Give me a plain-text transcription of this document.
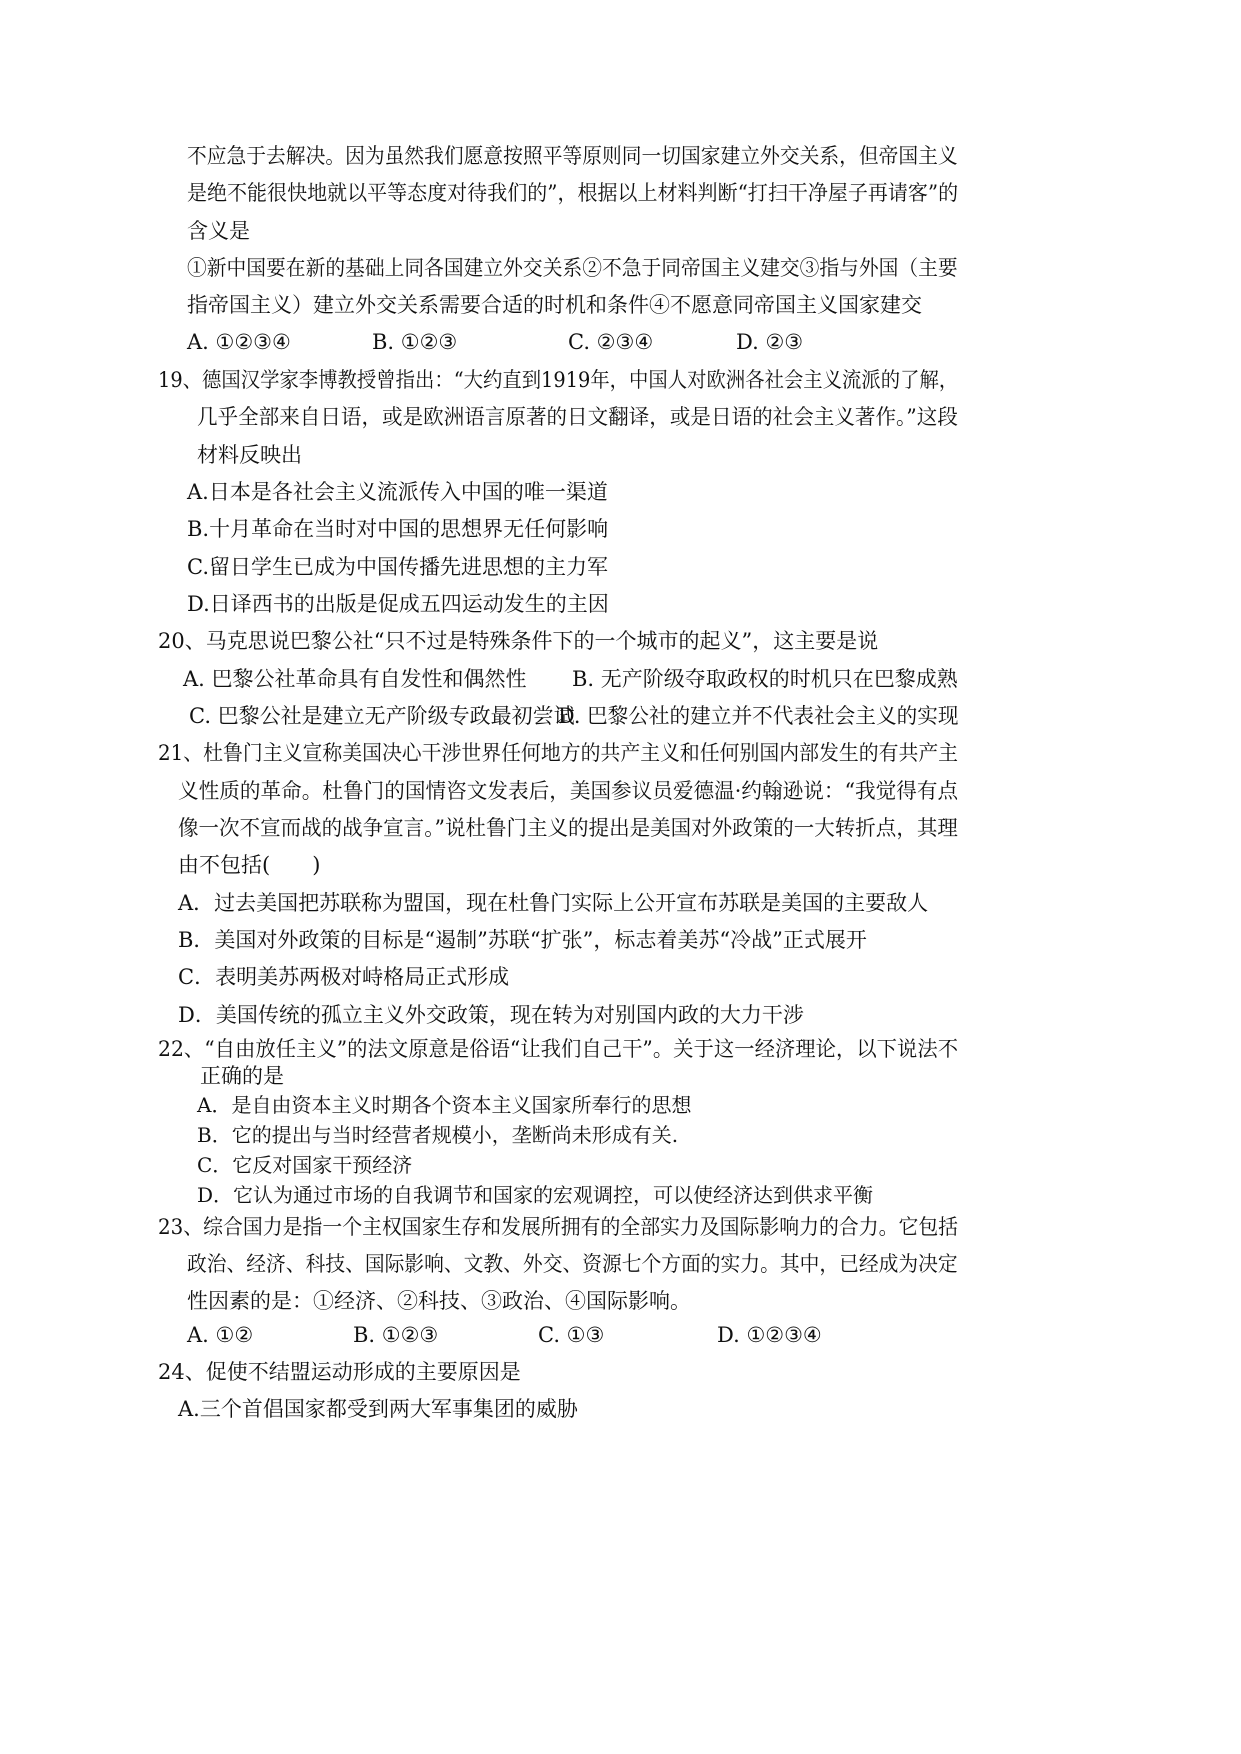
不应急于去解决。因为虽然我们愿意按照平等原则同一切国家建立外交关系，但帝国主义
是绝不能很快地就以平等态度对待我们的”，根据以上材料判断“打扫干净屋子再请客”的
含义是
①新中国要在新的基础上同各国建立外交关系②不急于同帝国主义建交③指与外国（主要
指帝国主义）建立外交关系需要合适的时机和条件④不愿意同帝国主义国家建交
A. ①②③④	B. ①②③	C. ②③④	D. ②③
19、德国汉学家李博教授曾指出：“大约直到1919年，中国人对欧洲各社会主义流派的了解，
几乎全部来自日语，或是欧洲语言原著的日文翻译，或是日语的社会主义著作。”这段
材料反映出
A.日本是各社会主义流派传入中国的唯一渠道
B.十月革命在当时对中国的思想界无任何影响
C.留日学生已成为中国传播先进思想的主力军
D.日译西书的出版是促成五四运动发生的主因
20、马克思说巴黎公社“只不过是特殊条件下的一个城市的起义”，这主要是说
A. 巴黎公社革命具有自发性和偶然性 B. 无产阶级夺取政权的时机只在巴黎成熟
C. 巴黎公社是建立无产阶级专政最初尝试
D. 巴黎公社的建立并不代表社会主义的实现
21、杜鲁门主义宣称美国决心干涉世界任何地方的共产主义和任何别国内部发生的有共产主
义性质的革命。杜鲁门的国情咨文发表后，美国参议员爱德温·约翰逊说：“我觉得有点
像一次不宣而战的战争宣言。”说杜鲁门主义的提出是美国对外政策的一大转折点，其理
由不包括(　　)
A．过去美国把苏联称为盟国，现在杜鲁门实际上公开宣布苏联是美国的主要敌人
B．美国对外政策的目标是“遏制”苏联“扩张”，标志着美苏“冷战”正式展开
C．表明美苏两极对峙格局正式形成
D．美国传统的孤立主义外交政策，现在转为对别国内政的大力干涉
22、“自由放任主义”的法文原意是俗语“让我们自己干”。关于这一经济理论，以下说法不
正确的是
A．是自由资本主义时期各个资本主义国家所奉行的思想
B．它的提出与当时经营者规模小，垄断尚未形成有关.
C．它反对国家干预经济
D．它认为通过市场的自我调节和国家的宏观调控，可以使经济达到供求平衡
23、综合国力是指一个主权国家生存和发展所拥有的全部实力及国际影响力的合力。它包括
政治、经济、科技、国际影响、文教、外交、资源七个方面的实力。其中，已经成为决定
性因素的是：①经济、②科技、③政治、④国际影响。
A. ①②	B. ①②③	C. ①③	D. ①②③④
24、促使不结盟运动形成的主要原因是
A.三个首倡国家都受到两大军事集团的威胁
